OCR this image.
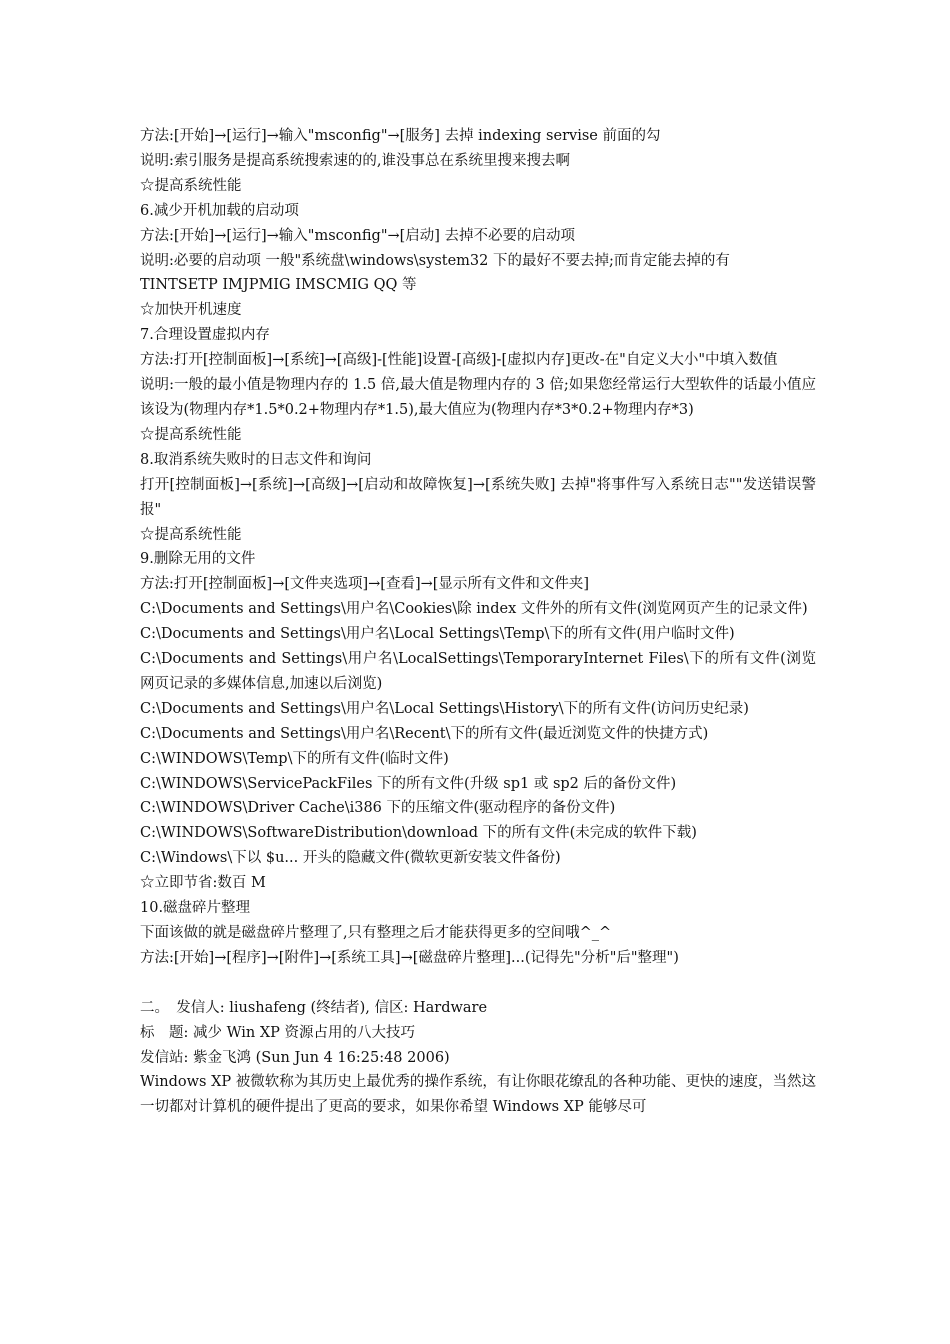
方法:[开始]→[运行]→输入"msconfig"→[服务] 去掉 indexing servise 前面的勾

说明:索引服务是提高系统搜索速的的,谁没事总在系统里搜来搜去啊

☆提高系统性能

6.减少开机加载的启动项

方法:[开始]→[运行]→输入"msconfig"→[启动] 去掉不必要的启动项

说明:必要的启动项 一般"系统盘\windows\system32 下的最好不要去掉;而肯定能去掉的有

TINTSETP IMJPMIG IMSCMIG QQ 等

☆加快开机速度

7.合理设置虚拟内存

方法:打开[控制面板]→[系统]→[高级]-[性能]设置-[高级]-[虚拟内存]更改-在"自定义大小"中填入数值

说明:一般的最小值是物理内存的 1.5 倍,最大值是物理内存的 3 倍;如果您经常运行大型软件的话最小值应该设为(物理内存*1.5*0.2+物理内存*1.5),最大值应为(物理内存*3*0.2+物理内存*3)

☆提高系统性能

8.取消系统失败时的日志文件和询问

打开[控制面板]→[系统]→[高级]→[启动和故障恢复]→[系统失败] 去掉"将事件写入系统日志""发送错误警报"

☆提高系统性能

9.删除无用的文件

方法:打开[控制面板]→[文件夹选项]→[查看]→[显示所有文件和文件夹]

C:\Documents and Settings\用户名\Cookies\除 index 文件外的所有文件(浏览网页产生的记录文件)

C:\Documents and Settings\用户名\Local Settings\Temp\下的所有文件(用户临时文件)

C:\Documents and Settings\用户名\LocalSettings\TemporaryInternet Files\下的所有文件(浏览网页记录的多媒体信息,加速以后浏览)

C:\Documents and Settings\用户名\Local Settings\History\下的所有文件(访问历史纪录)

C:\Documents and Settings\用户名\Recent\下的所有文件(最近浏览文件的快捷方式)

C:\WINDOWS\Temp\下的所有文件(临时文件)

C:\WINDOWS\ServicePackFiles 下的所有文件(升级 sp1 或 sp2 后的备份文件)

C:\WINDOWS\Driver Cache\i386 下的压缩文件(驱动程序的备份文件)

C:\WINDOWS\SoftwareDistribution\download 下的所有文件(未完成的软件下载)

C:\Windows\下以 $u... 开头的隐藏文件(微软更新安装文件备份)

☆立即节省:数百 M

10.磁盘碎片整理

下面该做的就是磁盘碎片整理了,只有整理之后才能获得更多的空间哦^_^

方法:[开始]→[程序]→[附件]→[系统工具]→[磁盘碎片整理]...(记得先"分析"后"整理")

二。　发信人: liushafeng (终结者), 信区: Hardware

标　题: 减少 Win XP 资源占用的八大技巧

发信站: 紫金飞鸿 (Sun Jun 4 16:25:48 2006)

Windows XP 被微软称为其历史上最优秀的操作系统，有让你眼花缭乱的各种功能、更快的速度，当然这一切都对计算机的硬件提出了更高的要求，如果你希望 Windows XP 能够尽可
